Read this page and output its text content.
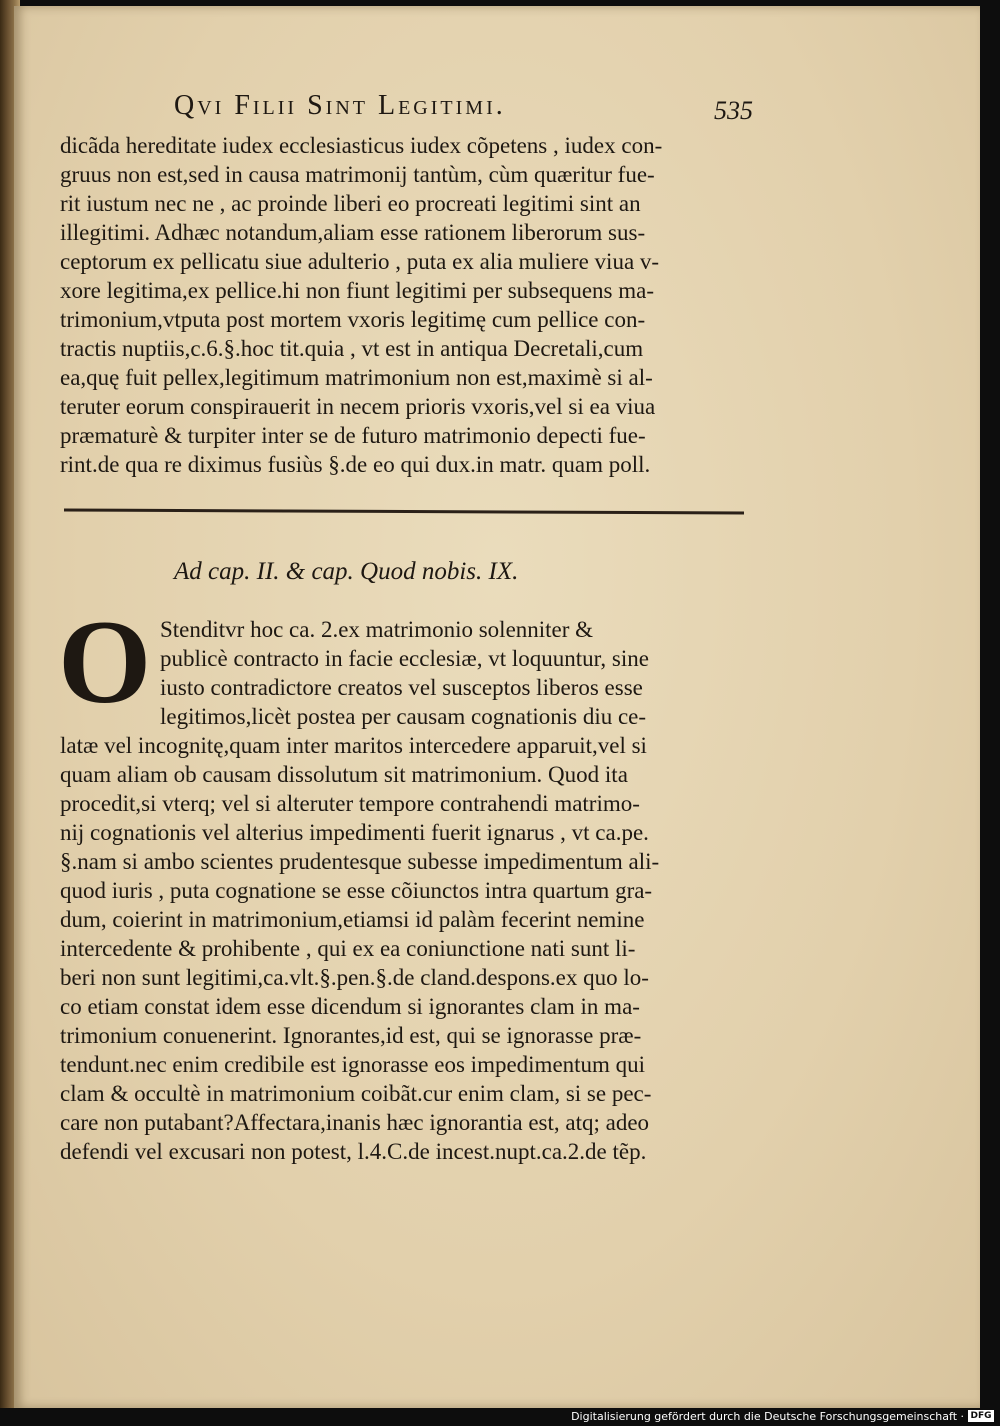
Qvi Filii Sint Legitimi.	535
dicãda hereditate iudex ecclesiasticus iudex cõpetens , iudex con-
gruus non est,sed in causa matrimonij tantùm, cùm quæritur fue-
rit iustum nec ne , ac proinde liberi eo procreati legitimi sint an
illegitimi. Adhæc notandum,aliam esse rationem liberorum sus-
ceptorum ex pellicatu siue adulterio , puta ex alia muliere viua v-
xore legitima,ex pellice.hi non fiunt legitimi per subsequens ma-
trimonium,vtputa post mortem vxoris legitimę cum pellice con-
tractis nuptiis,c.6.§.hoc tit.quia , vt est in antiqua Decretali,cum
ea,quę fuit pellex,legitimum matrimonium non est,maximè si al-
teruter eorum conspirauerit in necem prioris vxoris,vel si ea viua
præmaturè & turpiter inter se de futuro matrimonio depecti fue-
rint.de qua re diximus fusiùs §.de eo qui dux.in matr. quam poll.
Ad cap. II. & cap. Quod nobis. IX.
O Stenditvr hoc ca. 2.ex matrimonio solenniter &
publicè contracto in facie ecclesiæ, vt loquuntur, sine
iusto contradictore creatos vel susceptos liberos esse
legitimos,licèt postea per causam cognationis diu ce-
latæ vel incognitę,quam inter maritos intercedere apparuit,vel si
quam aliam ob causam dissolutum sit matrimonium. Quod ita
procedit,si vterq; vel si alteruter tempore contrahendi matrimo-
nij cognationis vel alterius impedimenti fuerit ignarus , vt ca.pe.
§.nam si ambo scientes prudentesque subesse impedimentum ali-
quod iuris , puta cognatione se esse cõiunctos intra quartum gra-
dum, coierint in matrimonium,etiamsi id palàm fecerint nemine
intercedente & prohibente , qui ex ea coniunctione nati sunt li-
beri non sunt legitimi,ca.vlt.§.pen.§.de cland.despons.ex quo lo-
co etiam constat idem esse dicendum si ignorantes clam in ma-
trimonium conuenerint. Ignorantes,id est, qui se ignorasse præ-
tendunt.nec enim credibile est ignorasse eos impedimentum qui
clam & occultè in matrimonium coibãt.cur enim clam, si se pec-
care non putabant?Affectara,inanis hæc ignorantia est, atq; adeo
defendi vel excusari non potest, l.4.C.de incest.nupt.ca.2.de tẽp.
Digitalisierung gefördert durch die Deutsche Forschungsgemeinschaft · DFG
